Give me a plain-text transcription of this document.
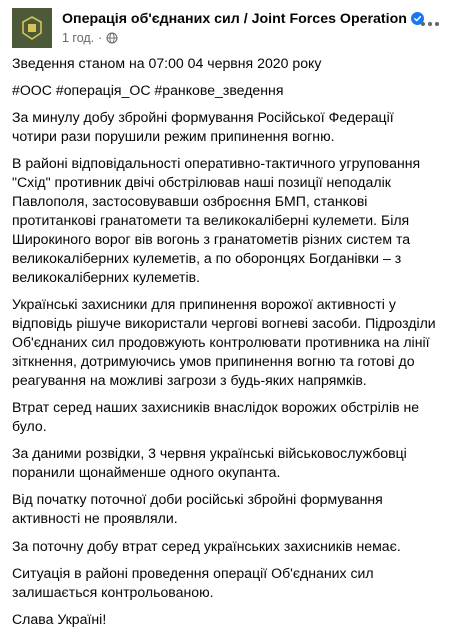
Операція об'єднаних сил / Joint Forces Operation
1 год. ·

Зведення станом на 07:00 04 червня 2020 року

#ООС #операція_ОС #ранкове_зведення

За минулу добу збройні формування Російської Федерації чотири рази порушили режим припинення вогню.

В районі відповідальності оперативно-тактичного угруповання "Схід" противник двічі обстрілював наші позиції неподалік Павлополя, застосовувавши озброєння БМП, станкові протитанкові гранатомети та великокаліберні кулемети. Біля Широкиного ворог вів вогонь з гранатометів різних систем та великокаліберних кулеметів, а по оборонцях Богданівки – з великокаліберних кулеметів.

Українські захисники для припинення ворожої активності у відповідь рішуче використали чергові вогневі засоби. Підрозділи Об'єднаних сил продовжують контролювати противника на лінії зіткнення, дотримуючись умов припинення вогню та готові до реагування на можливі загрози з будь-яких напрямків.

Втрат серед наших захисників внаслідок ворожих обстрілів не було.

За даними розвідки, 3 червня українські військовослужбовці поранили щонайменше одного окупанта.

Від початку поточної доби російські збройні формування активності не проявляли.

За поточну добу втрат серед українських захисників немає.

Ситуація в районі проведення операції Об'єднаних сил залишається контрольованою.

Слава Україні!
